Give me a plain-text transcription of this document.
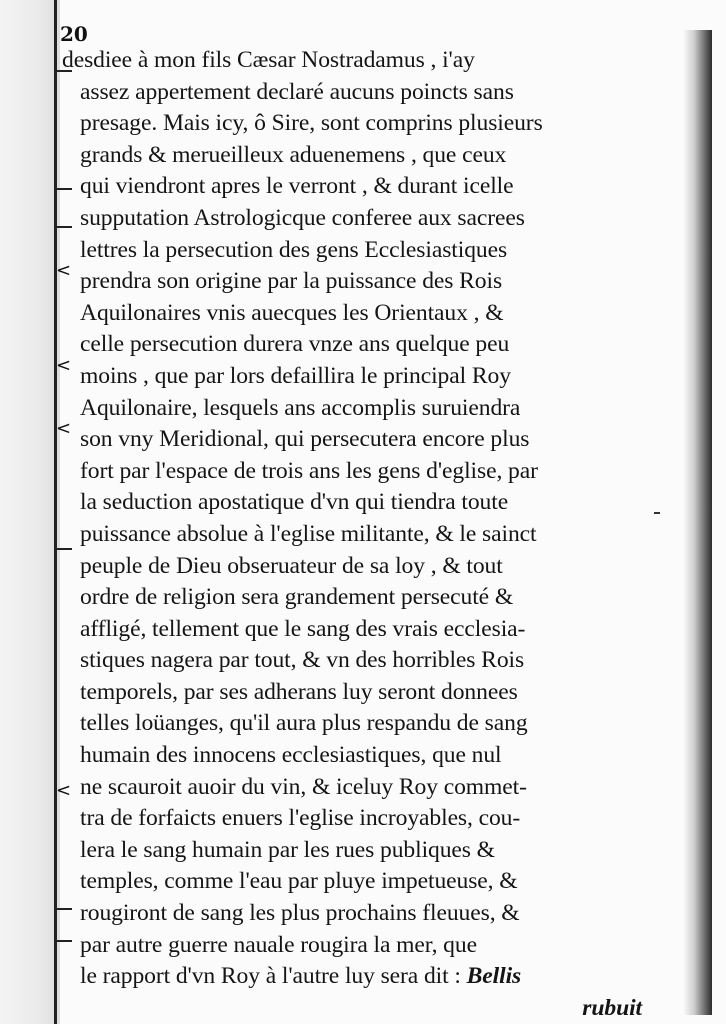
20
<
<
<
<
desdiee à mon fils Cæsar Nostradamus , i'ay
assez appertement declaré aucuns poincts sans
presage. Mais icy, ô Sire, sont comprins plusieurs
grands & merueilleux aduenemens , que ceux
qui viendront apres le verront , & durant icelle
supputation Astrologicque conferee aux sacrees
lettres la persecution des gens Ecclesiastiques
prendra son origine par la puissance des Rois
Aquilonaires vnis auecques les Orientaux , &
celle persecution durera vnze ans quelque peu
moins , que par lors defaillira le principal Roy
Aquilonaire, lesquels ans accomplis suruiendra
son vny Meridional, qui persecutera encore plus
fort par l'espace de trois ans les gens d'eglise, par
la seduction apostatique d'vn qui tiendra toute
puissance absolue à l'eglise militante, & le sainct
peuple de Dieu obseruateur de sa loy , & tout
ordre de religion sera grandement persecuté &
affligé, tellement que le sang des vrais ecclesia-
stiques nagera par tout, & vn des horribles Rois
temporels, par ses adherans luy seront donnees
telles loüanges, qu'il aura plus respandu de sang
humain des innocens ecclesiastiques, que nul
ne scauroit auoir du vin, & iceluy Roy commet-
tra de forfaicts enuers l'eglise incroyables, cou-
lera le sang humain par les rues publiques &
temples, comme l'eau par pluye impetueuse, &
rougiront de sang les plus prochains fleuues, &
par autre guerre nauale rougira la mer, que
le rapport d'vn Roy à l'autre luy sera dit : Bellis
rubuit
